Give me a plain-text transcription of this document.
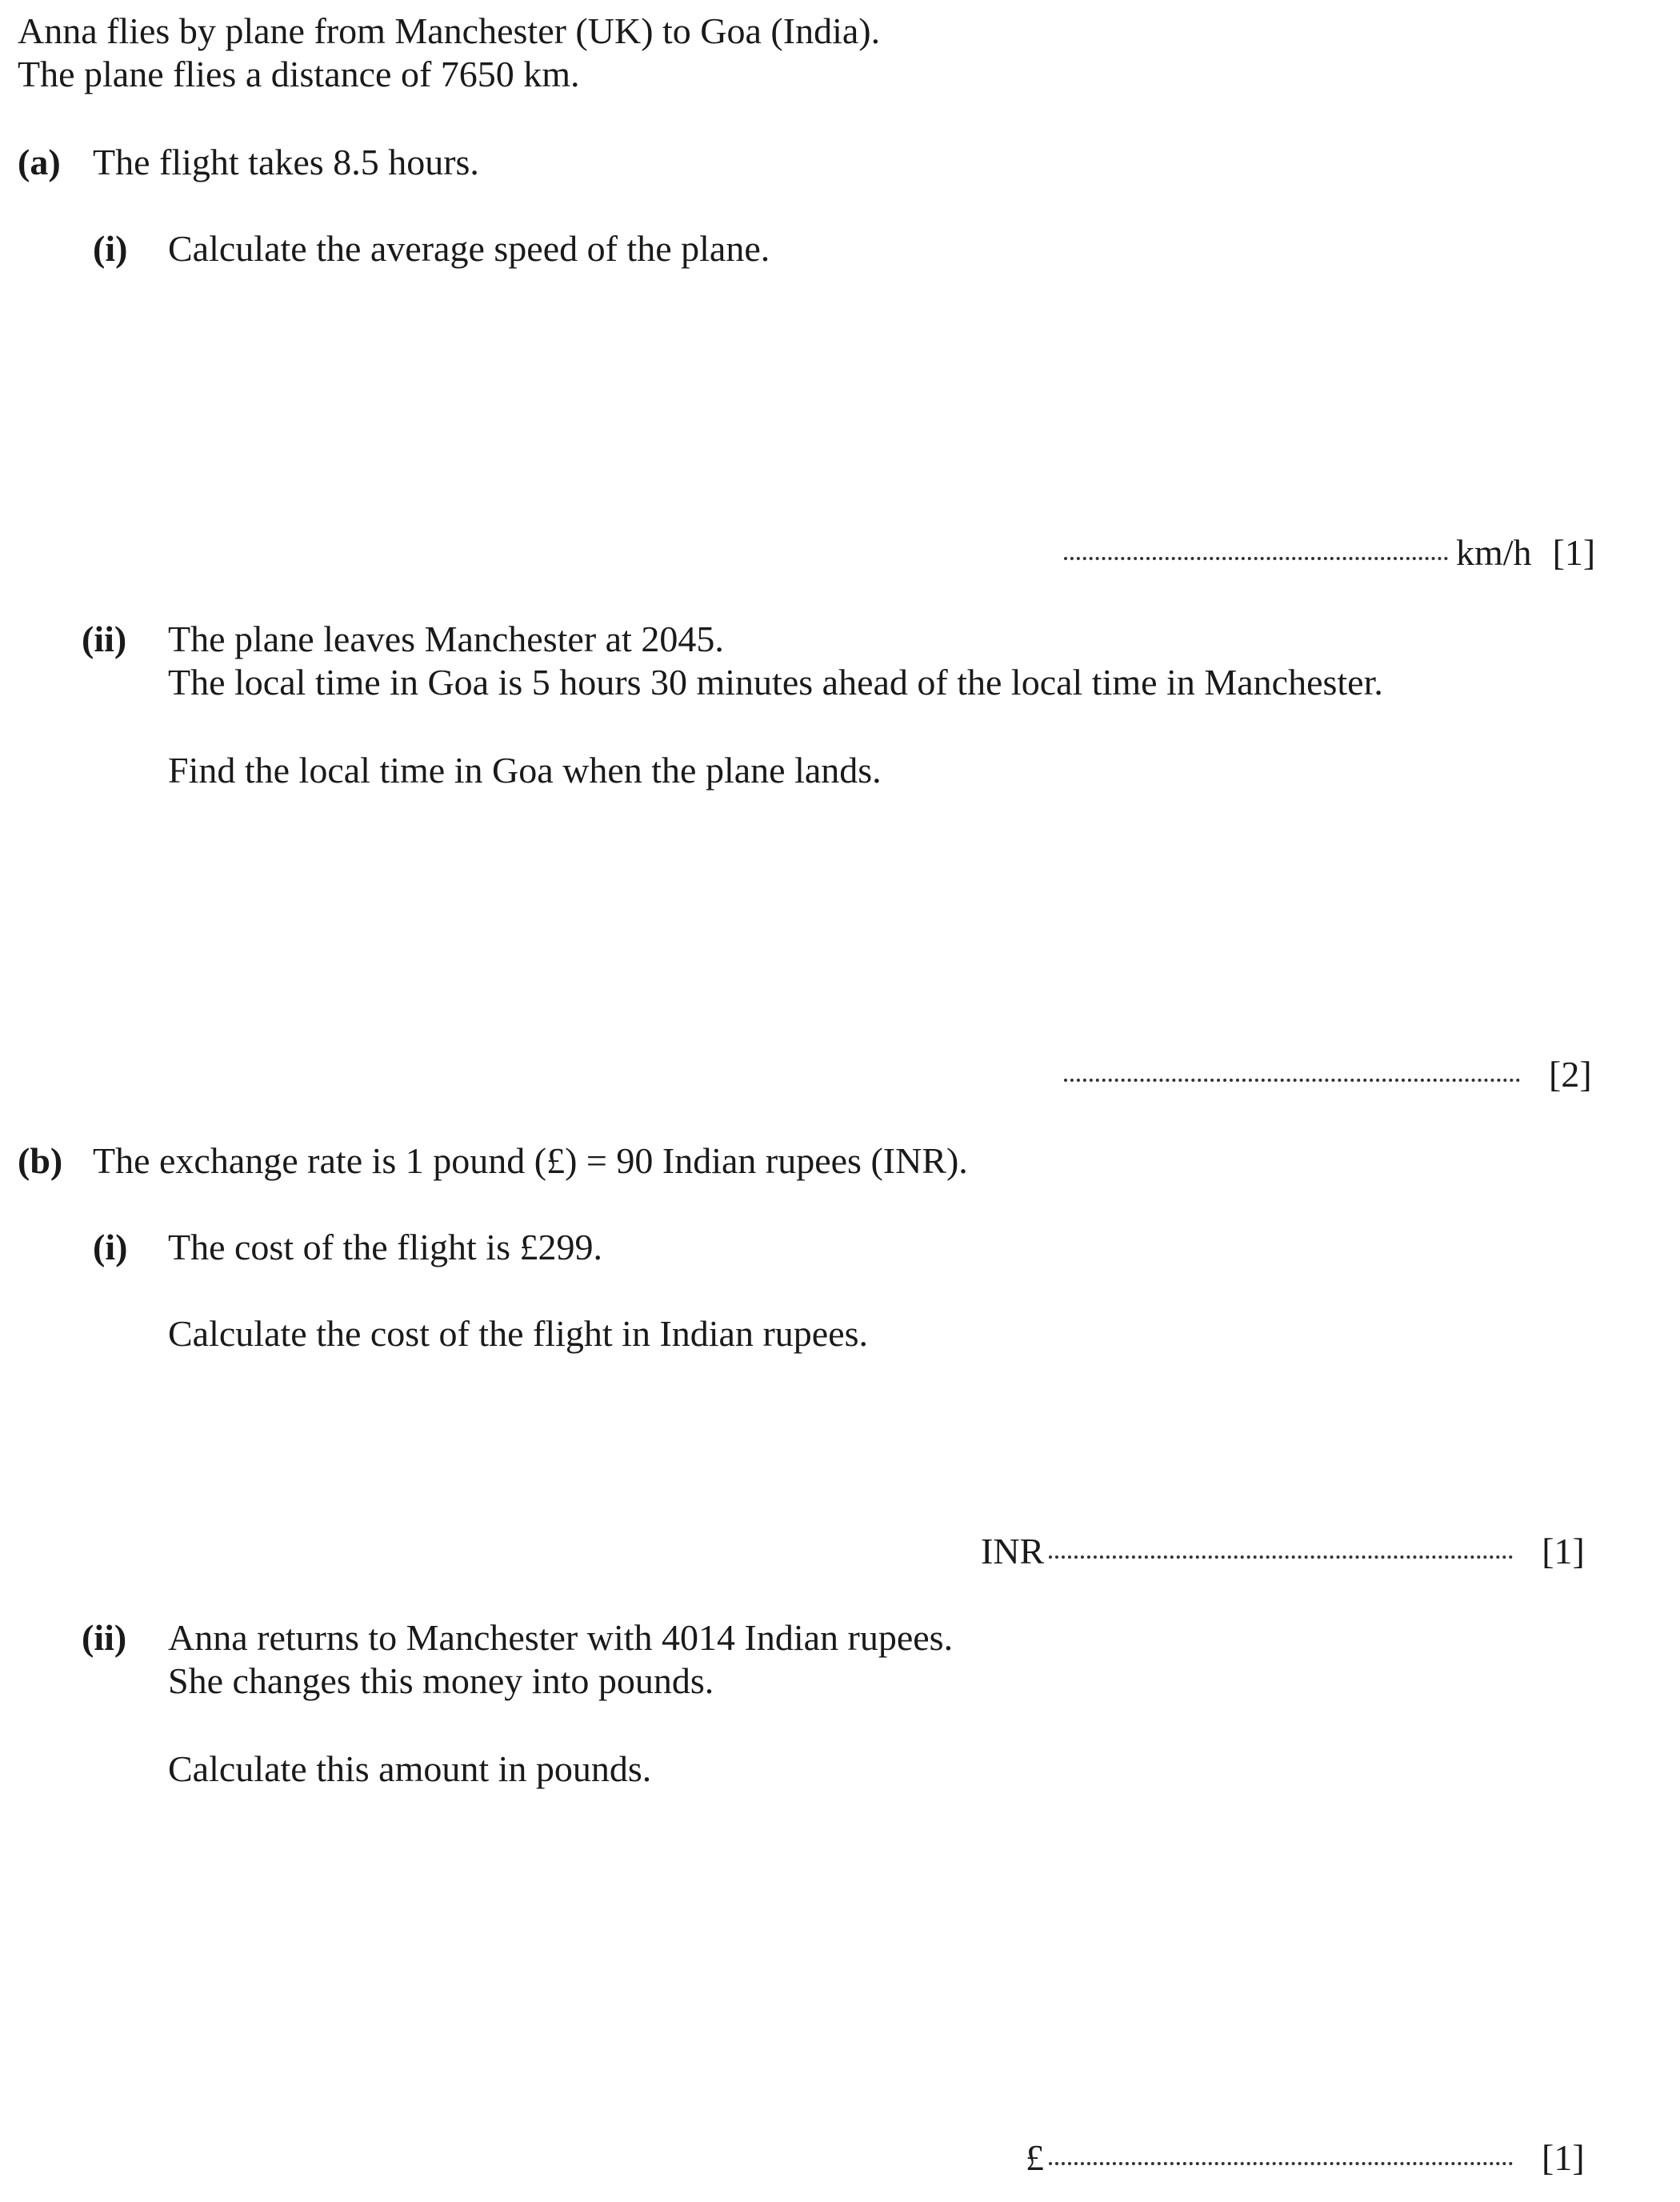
Anna flies by plane from Manchester (UK) to Goa (India).
The plane flies a distance of 7650 km.
(a) The flight takes 8.5 hours.
(i) Calculate the average speed of the plane.
km/h [1]
(ii) The plane leaves Manchester at 2045.
The local time in Goa is 5 hours 30 minutes ahead of the local time in Manchester.
Find the local time in Goa when the plane lands.
[2]
(b) The exchange rate is 1 pound (£) = 90 Indian rupees (INR).
(i) The cost of the flight is £299.
Calculate the cost of the flight in Indian rupees.
INR	[1]
(ii) Anna returns to Manchester with 4014 Indian rupees.
She changes this money into pounds.
Calculate this amount in pounds.
£	[1]
